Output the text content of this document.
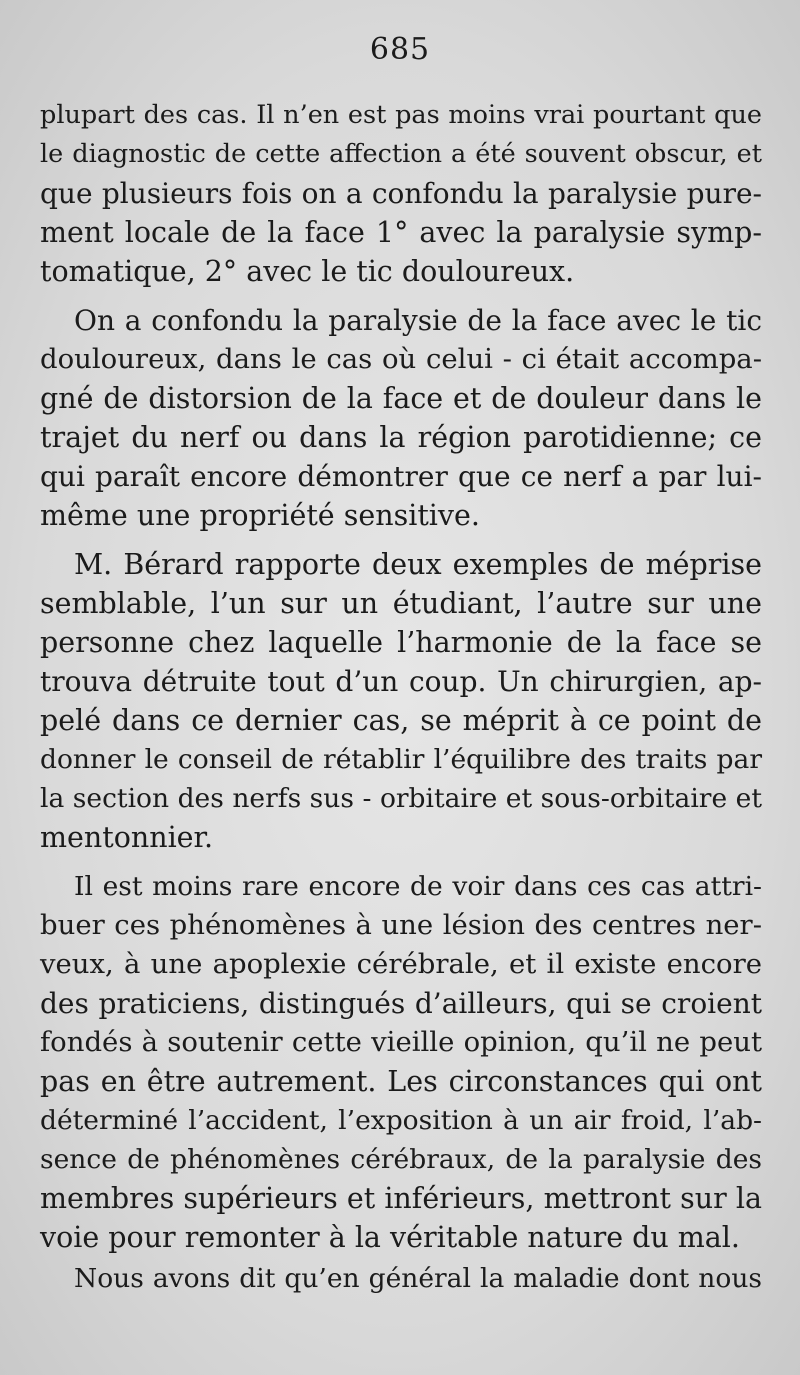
685
plupart des cas. Il n’en est pas moins vrai pourtant que
le diagnostic de cette affection a été souvent obscur, et
que plusieurs fois on a confondu la paralysie pure-
ment locale de la face 1° avec la paralysie symp-
tomatique, 2° avec le tic douloureux.
On a confondu la paralysie de la face avec le tic
douloureux, dans le cas où celui - ci était accompa-
gné de distorsion de la face et de douleur dans le
trajet du nerf ou dans la région parotidienne; ce
qui paraît encore démontrer que ce nerf a par lui-
même une propriété sensitive.
M. Bérard rapporte deux exemples de méprise
semblable, l’un sur un étudiant, l’autre sur une
personne chez laquelle l’harmonie de la face se
trouva détruite tout d’un coup. Un chirurgien, ap-
pelé dans ce dernier cas, se méprit à ce point de
donner le conseil de rétablir l’équilibre des traits par
la section des nerfs sus - orbitaire et sous-orbitaire et
mentonnier.
Il est moins rare encore de voir dans ces cas attri-
buer ces phénomènes à une lésion des centres ner-
veux, à une apoplexie cérébrale, et il existe encore
des praticiens, distingués d’ailleurs, qui se croient
fondés à soutenir cette vieille opinion, qu’il ne peut
pas en être autrement. Les circonstances qui ont
déterminé l’accident, l’exposition à un air froid, l’ab-
sence de phénomènes cérébraux, de la paralysie des
membres supérieurs et inférieurs, mettront sur la
voie pour remonter à la véritable nature du mal.
Nous avons dit qu’en général la maladie dont nous
